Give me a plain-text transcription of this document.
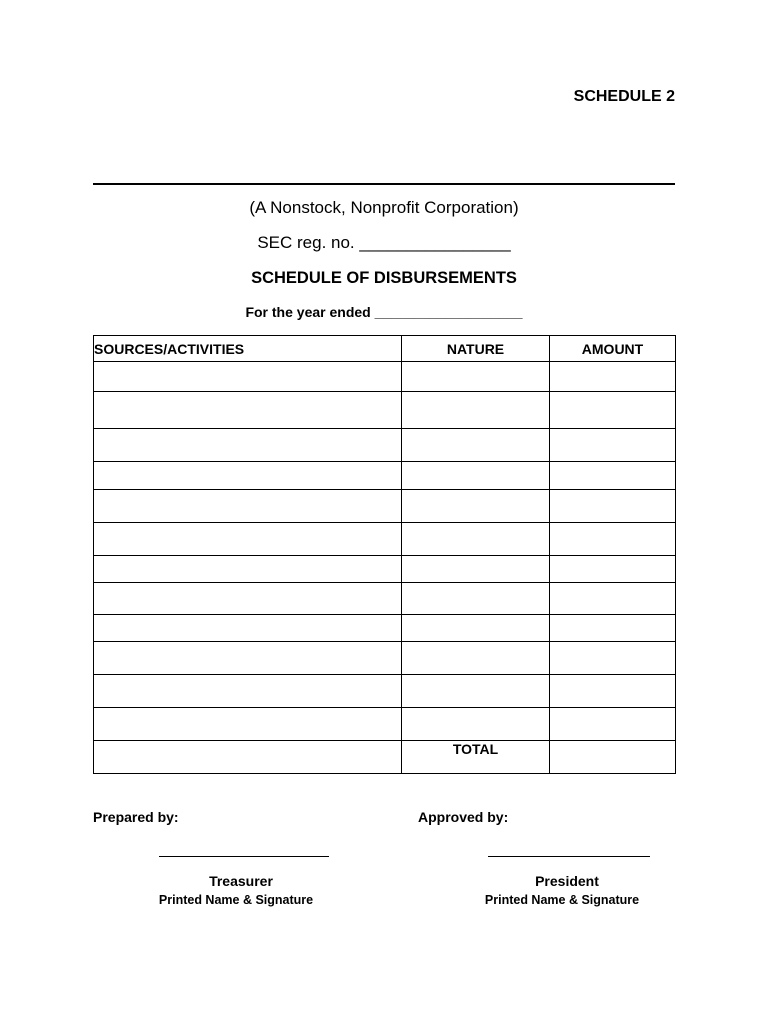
SCHEDULE 2
(A Nonstock, Nonprofit Corporation)
SEC reg. no. ________________
SCHEDULE OF DISBURSEMENTS
For the year ended ___________________
SOURCES/ACTIVITIES	NATURE	AMOUNT

	TOTAL	
Prepared by:	Approved by:
Treasurer	President
Printed Name & Signature	Printed Name & Signature
